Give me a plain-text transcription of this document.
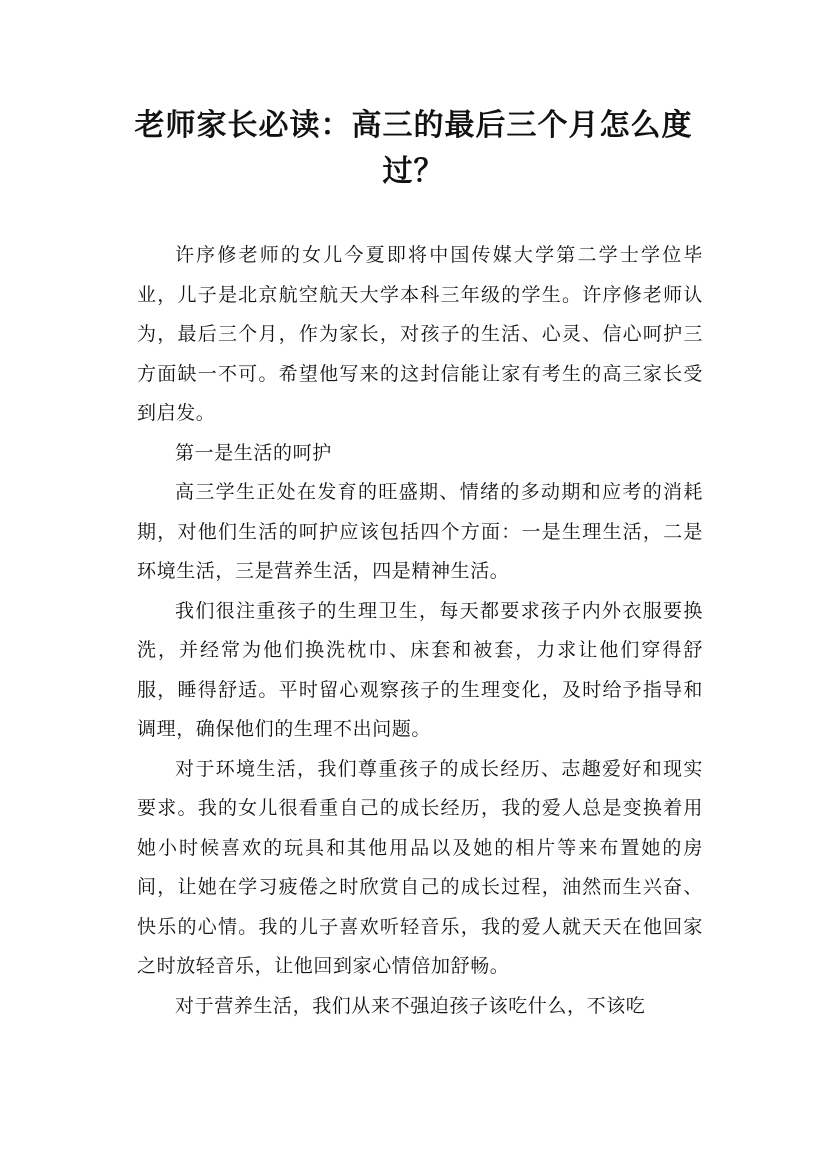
老师家长必读：高三的最后三个月怎么度过？

许序修老师的女儿今夏即将中国传媒大学第二学士学位毕业，儿子是北京航空航天大学本科三年级的学生。许序修老师认为，最后三个月，作为家长，对孩子的生活、心灵、信心呵护三方面缺一不可。希望他写来的这封信能让家有考生的高三家长受到启发。

第一是生活的呵护

高三学生正处在发育的旺盛期、情绪的多动期和应考的消耗期，对他们生活的呵护应该包括四个方面：一是生理生活，二是环境生活，三是营养生活，四是精神生活。

我们很注重孩子的生理卫生，每天都要求孩子内外衣服要换洗，并经常为他们换洗枕巾、床套和被套，力求让他们穿得舒服，睡得舒适。平时留心观察孩子的生理变化，及时给予指导和调理，确保他们的生理不出问题。

对于环境生活，我们尊重孩子的成长经历、志趣爱好和现实要求。我的女儿很看重自己的成长经历，我的爱人总是变换着用她小时候喜欢的玩具和其他用品以及她的相片等来布置她的房间，让她在学习疲倦之时欣赏自己的成长过程，油然而生兴奋、快乐的心情。我的儿子喜欢听轻音乐，我的爱人就天天在他回家之时放轻音乐，让他回到家心情倍加舒畅。

对于营养生活，我们从来不强迫孩子该吃什么，不该吃
